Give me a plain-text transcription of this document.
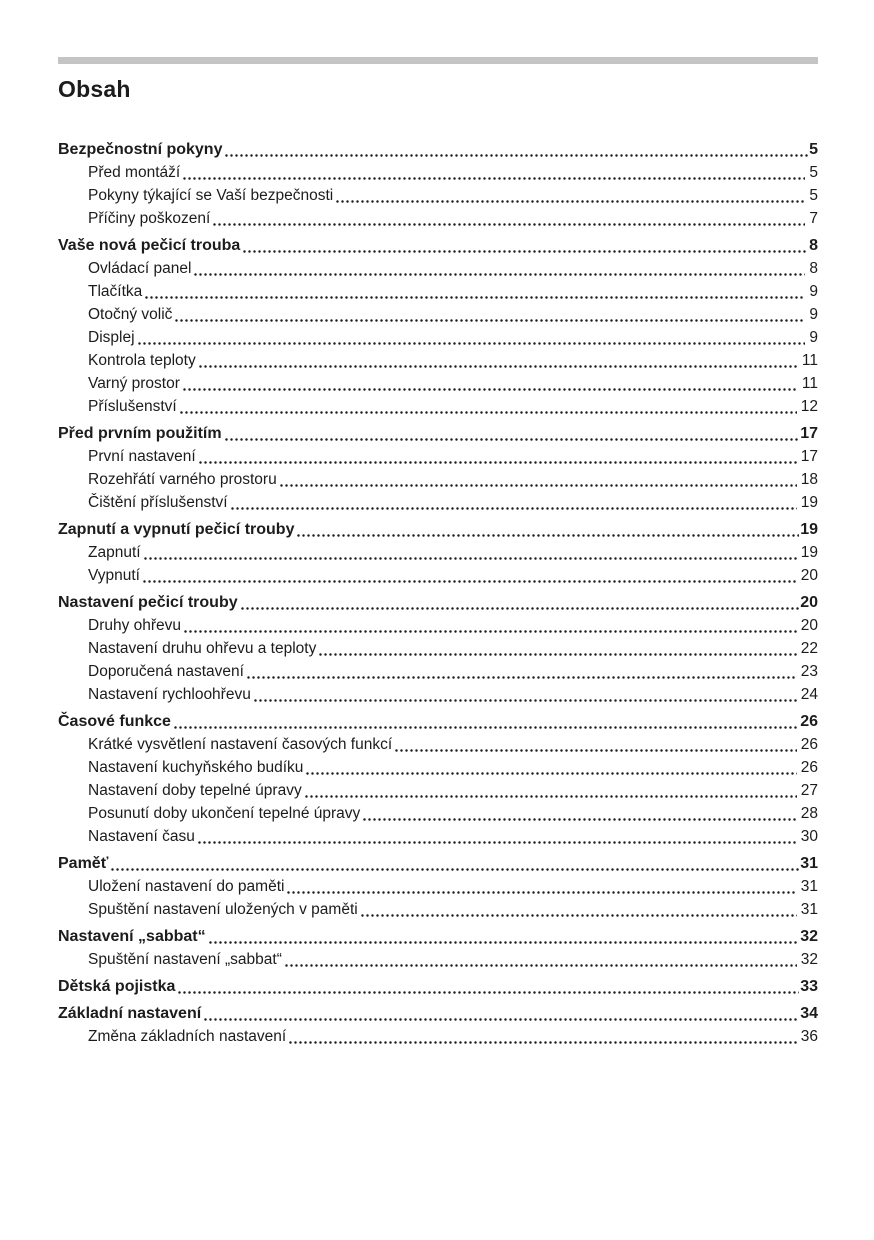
Obsah
Bezpečnostní pokyny	5
Před montáží	5
Pokyny týkající se Vaší bezpečnosti	5
Příčiny poškození	7
Vaše nová pečicí trouba	8
Ovládací panel	8
Tlačítka	9
Otočný volič	9
Displej	9
Kontrola teploty	11
Varný prostor	11
Příslušenství	12
Před prvním použitím	17
První nastavení	17
Rozehřátí varného prostoru	18
Čištění příslušenství	19
Zapnutí a vypnutí pečicí trouby	19
Zapnutí	19
Vypnutí	20
Nastavení pečicí trouby	20
Druhy ohřevu	20
Nastavení druhu ohřevu a teploty	22
Doporučená nastavení	23
Nastavení rychloohřevu	24
Časové funkce	26
Krátké vysvětlení nastavení časových funkcí	26
Nastavení kuchyňského budíku	26
Nastavení doby tepelné úpravy	27
Posunutí doby ukončení tepelné úpravy	28
Nastavení času	30
Paměť	31
Uložení nastavení do paměti	31
Spuštění nastavení uložených v paměti	31
Nastavení „sabbat“	32
Spuštění nastavení „sabbat“	32
Dětská pojistka	33
Základní nastavení	34
Změna základních nastavení	36
